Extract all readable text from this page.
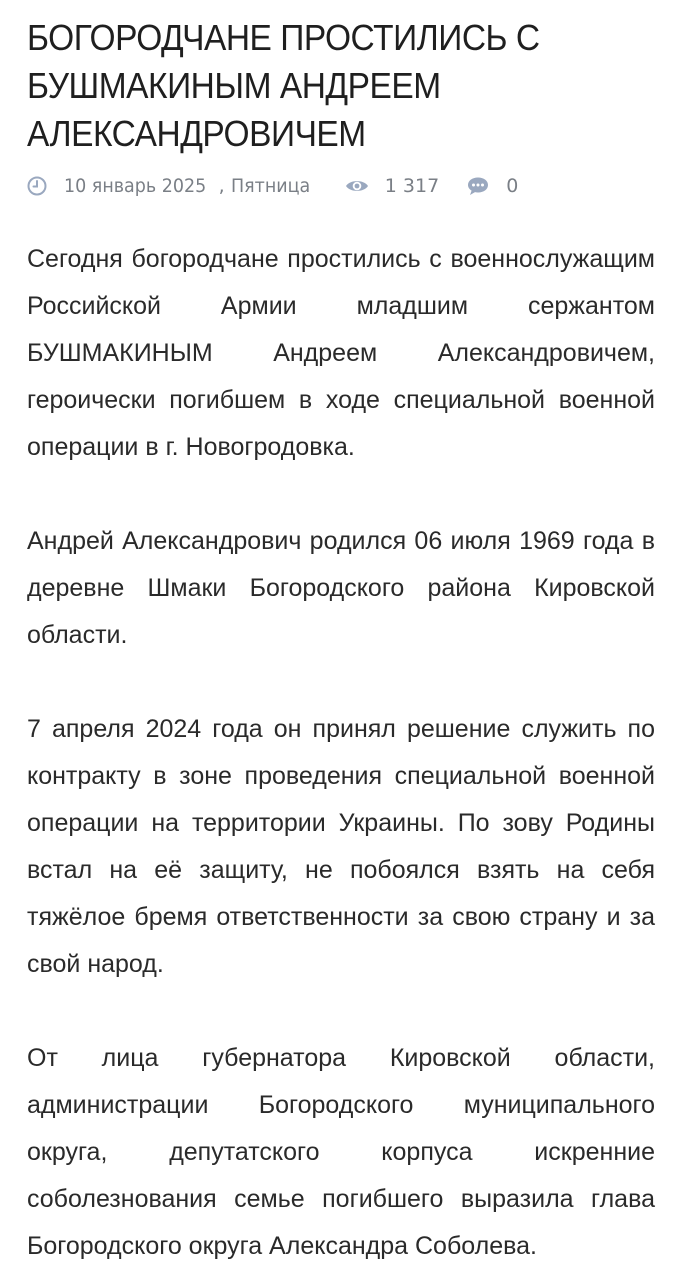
БОГОРОДЧАНЕ ПРОСТИЛИСЬ С БУШМАКИНЫМ АНДРЕЕМ АЛЕКСАНДРОВИЧЕМ
10 январь 2025 ,
Пятница	1 317	0

Сегодня богородчане простились с военнослужащим Российской Армии младшим сержантом БУШМАКИНЫМ Андреем Александровичем, героически погибшем в ходе специальной военной операции в г. Новогродовка.

Андрей Александрович родился 06 июля 1969 года в деревне Шмаки Богородского района Кировской области.

7 апреля 2024 года он принял решение служить по контракту в зоне проведения специальной военной операции на территории Украины. По зову Родины встал на её защиту, не побоялся взять на себя тяжёлое бремя ответственности за свою страну и за свой народ.

От лица губернатора Кировской области, администрации Богородского муниципального округа, депутатского корпуса искренние соболезнования семье погибшего выразила глава Богородского округа Александра Соболева.
